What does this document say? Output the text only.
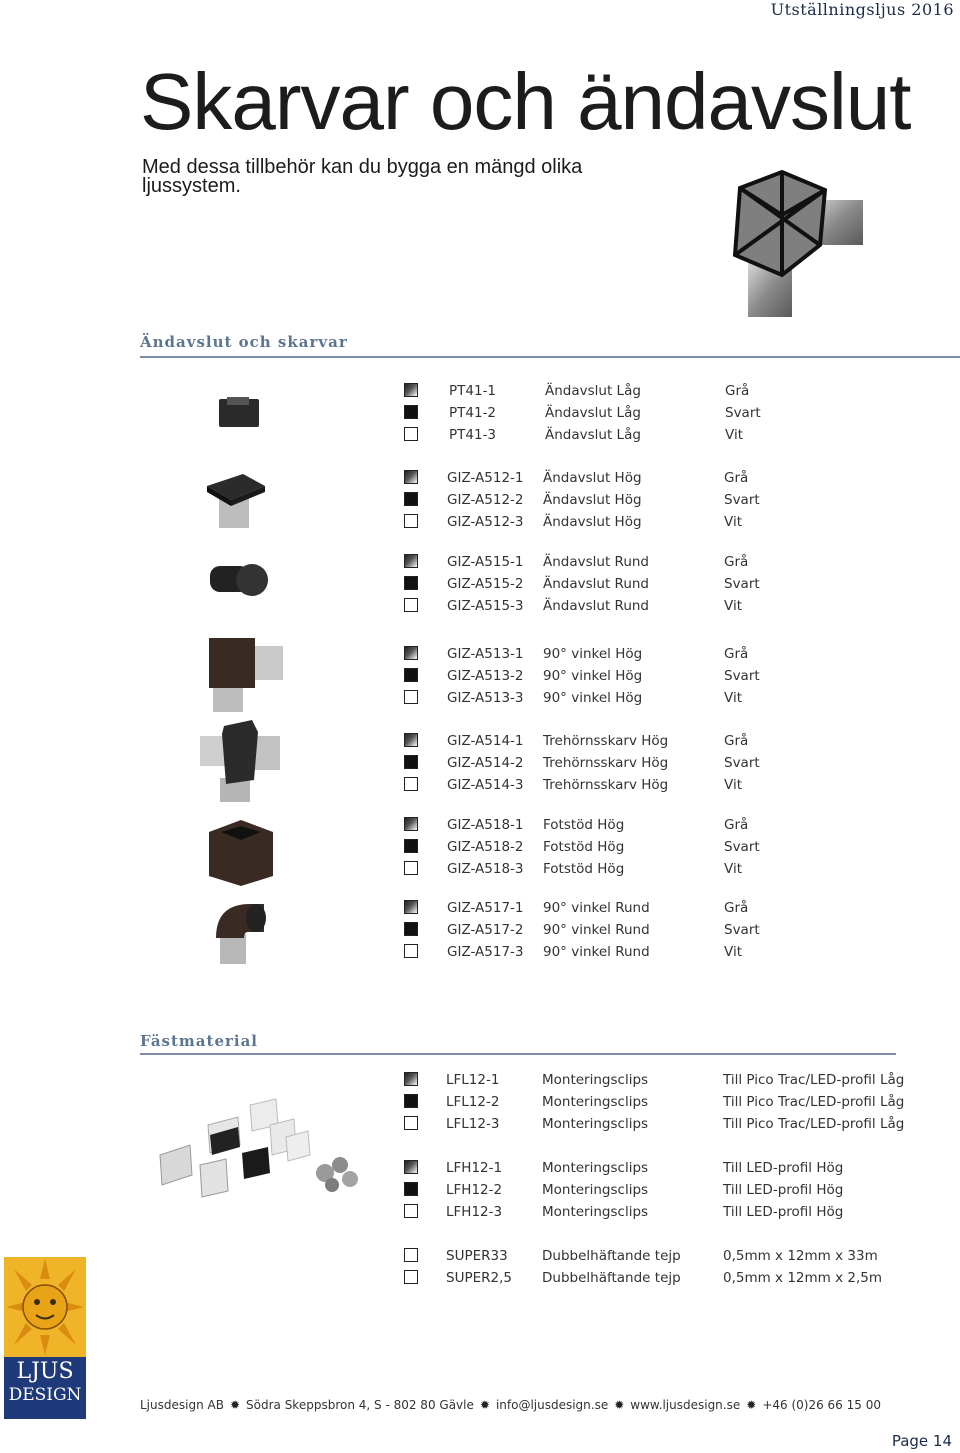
Utställningsljus 2016
Skarvar och ändavslut
Med dessa tillbehör kan du bygga en mängd olika ljussystem.
Ändavslut och skarvar
Fästmaterial
PT41-1	Ändavslut Låg	Grå
PT41-2	Ändavslut Låg	Svart
PT41-3	Ändavslut Låg	Vit
GIZ-A512-1 Ändavslut Hög	Grå
GIZ-A512-2 Ändavslut Hög	Svart
GIZ-A512-3 Ändavslut Hög	Vit
GIZ-A515-1 Ändavslut Rund	Grå
GIZ-A515-2 Ändavslut Rund	Svart
GIZ-A515-3 Ändavslut Rund	Vit
GIZ-A513-1 90° vinkel Hög	Grå
GIZ-A513-2 90° vinkel Hög	Svart
GIZ-A513-3 90° vinkel Hög	Vit
GIZ-A514-1 Trehörnsskarv Hög	Grå
GIZ-A514-2 Trehörnsskarv Hög	Svart
GIZ-A514-3 Trehörnsskarv Hög	Vit
GIZ-A518-1 Fotstöd Hög	Grå
GIZ-A518-2 Fotstöd Hög	Svart
GIZ-A518-3 Fotstöd Hög	Vit
GIZ-A517-1 90° vinkel Rund	Grå
GIZ-A517-2 90° vinkel Rund	Svart
GIZ-A517-3 90° vinkel Rund	Vit
LFL12-1	Monteringsclips	Till Pico Trac/LED-profil Låg
LFL12-2	Monteringsclips	Till Pico Trac/LED-profil Låg
LFL12-3	Monteringsclips	Till Pico Trac/LED-profil Låg
LFH12-1	Monteringsclips	Till LED-profil Hög
LFH12-2	Monteringsclips	Till LED-profil Hög
LFH12-3	Monteringsclips	Till LED-profil Hög
SUPER33	Dubbelhäftande tejp	0,5mm x 12mm x 33m
SUPER2,5 Dubbelhäftande tejp	0,5mm x 12mm x 2,5m
LJUS
DESIGN	Ljusdesign AB ✹ Södra Skeppsbron 4, S - 802 80 Gävle ✹ info@ljusdesign.se ✹ www.ljusdesign.se ✹ +46 (0)26 66 15 00
Page 14
